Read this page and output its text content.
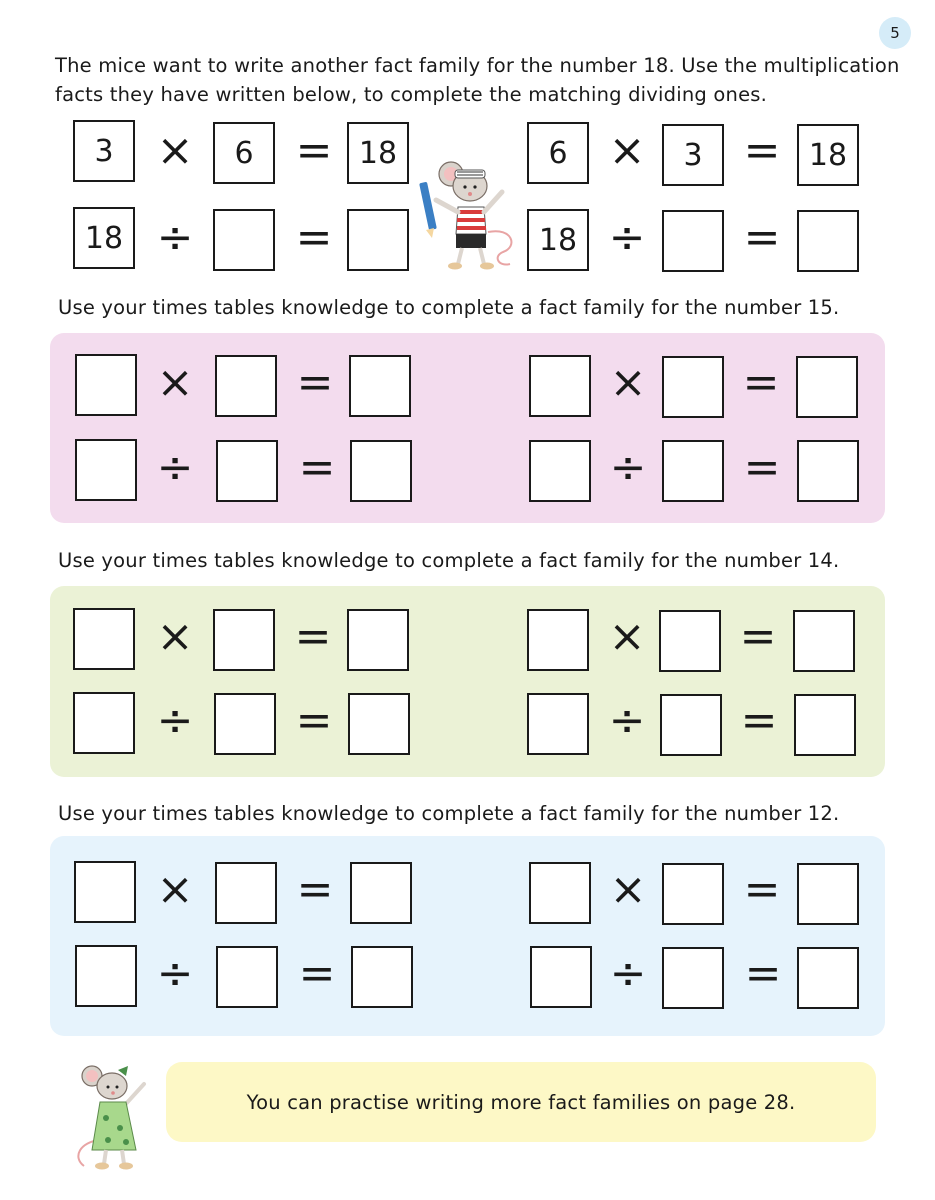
5

The mice want to write another fact family for the number 18. Use the multiplication facts they have written below, to complete the matching dividing ones.

3 ×	6 = 18	6 ×	3 = 18
18 ÷ =	18 ÷ =

Use your times tables knowledge to complete a fact family for the number 15.

Use your times tables knowledge to complete a fact family for the number 14.

Use your times tables knowledge to complete a fact family for the number 12.

× =	× =
÷ =	÷ =
× =	× =
÷ =	÷ =
× =	× =
÷ =	÷ =
You can practise writing more fact families on page 28.
